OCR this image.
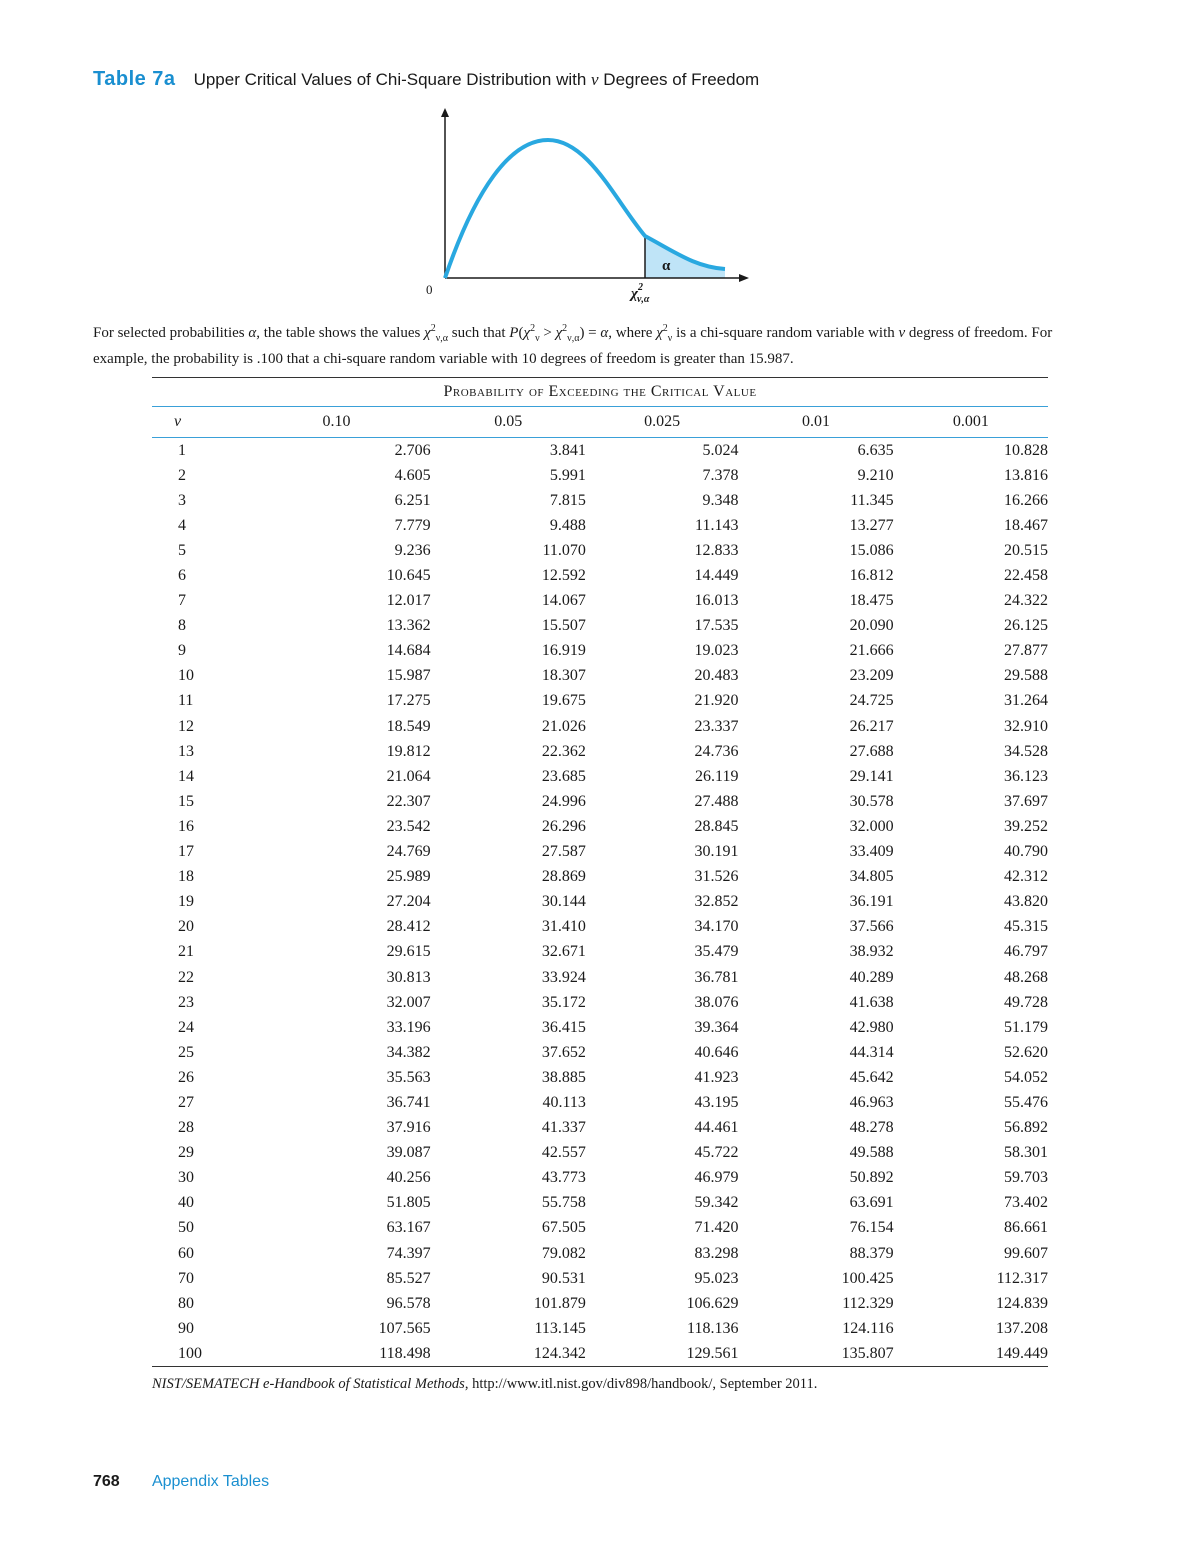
Table 7a Upper Critical Values of Chi-Square Distribution with ν Degrees of Freedom
α
0	$\chi^2$ ν,α
For selected probabilities α, the table shows the values $\chi^2_{\nu,\alpha}$ such that $P(\chi^2_\nu > \chi^2_{\nu,\alpha}) = \alpha$, where $\chi^2_\nu$ is a chi-square random variable with ν degress of freedom. For example, the probability is .100 that a chi-square random variable with 10 degrees of freedom is greater than 15.987.

Probability of Exceeding the Critical Value					
ν	0.10	0.05	0.025	0.01	0.001
1	2.706	3.841	5.024	6.635	10.828
2	4.605	5.991	7.378	9.210	13.816
3	6.251	7.815	9.348	11.345	16.266
4	7.779	9.488	11.143	13.277	18.467
5	9.236	11.070	12.833	15.086	20.515
6	10.645	12.592	14.449	16.812	22.458
7	12.017	14.067	16.013	18.475	24.322
8	13.362	15.507	17.535	20.090	26.125
9	14.684	16.919	19.023	21.666	27.877
10	15.987	18.307	20.483	23.209	29.588
11	17.275	19.675	21.920	24.725	31.264
12	18.549	21.026	23.337	26.217	32.910
13	19.812	22.362	24.736	27.688	34.528
14	21.064	23.685	26.119	29.141	36.123
15	22.307	24.996	27.488	30.578	37.697
16	23.542	26.296	28.845	32.000	39.252
17	24.769	27.587	30.191	33.409	40.790
18	25.989	28.869	31.526	34.805	42.312
19	27.204	30.144	32.852	36.191	43.820
20	28.412	31.410	34.170	37.566	45.315
21	29.615	32.671	35.479	38.932	46.797
22	30.813	33.924	36.781	40.289	48.268
23	32.007	35.172	38.076	41.638	49.728
24	33.196	36.415	39.364	42.980	51.179
25	34.382	37.652	40.646	44.314	52.620
26	35.563	38.885	41.923	45.642	54.052
27	36.741	40.113	43.195	46.963	55.476
28	37.916	41.337	44.461	48.278	56.892
29	39.087	42.557	45.722	49.588	58.301
30	40.256	43.773	46.979	50.892	59.703
40	51.805	55.758	59.342	63.691	73.402
50	63.167	67.505	71.420	76.154	86.661
60	74.397	79.082	83.298	88.379	99.607
70	85.527	90.531	95.023	100.425	112.317
80	96.578	101.879	106.629	112.329	124.839
90	107.565	113.145	118.136	124.116	137.208
100	118.498	124.342	129.561	135.807	149.449
NIST/SEMATECH e-Handbook of Statistical Methods, http://www.itl.nist.gov/div898/handbook/, September 2011.
768 Appendix Tables
